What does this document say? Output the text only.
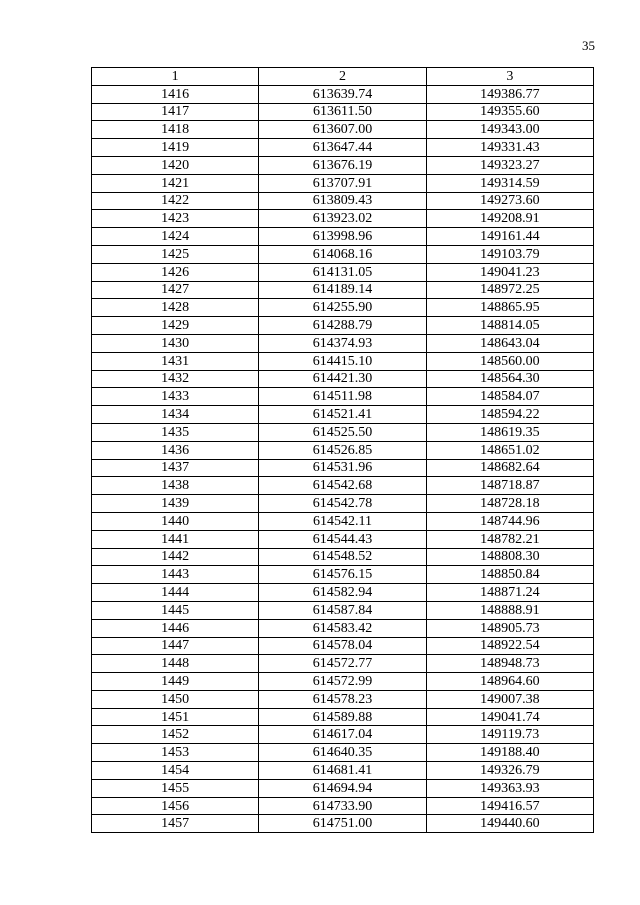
35
1	2	3
1416	613639.74	149386.77
1417	613611.50	149355.60
1418	613607.00	149343.00
1419	613647.44	149331.43
1420	613676.19	149323.27
1421	613707.91	149314.59
1422	613809.43	149273.60
1423	613923.02	149208.91
1424	613998.96	149161.44
1425	614068.16	149103.79
1426	614131.05	149041.23
1427	614189.14	148972.25
1428	614255.90	148865.95
1429	614288.79	148814.05
1430	614374.93	148643.04
1431	614415.10	148560.00
1432	614421.30	148564.30
1433	614511.98	148584.07
1434	614521.41	148594.22
1435	614525.50	148619.35
1436	614526.85	148651.02
1437	614531.96	148682.64
1438	614542.68	148718.87
1439	614542.78	148728.18
1440	614542.11	148744.96
1441	614544.43	148782.21
1442	614548.52	148808.30
1443	614576.15	148850.84
1444	614582.94	148871.24
1445	614587.84	148888.91
1446	614583.42	148905.73
1447	614578.04	148922.54
1448	614572.77	148948.73
1449	614572.99	148964.60
1450	614578.23	149007.38
1451	614589.88	149041.74
1452	614617.04	149119.73
1453	614640.35	149188.40
1454	614681.41	149326.79
1455	614694.94	149363.93
1456	614733.90	149416.57
1457	614751.00	149440.60
